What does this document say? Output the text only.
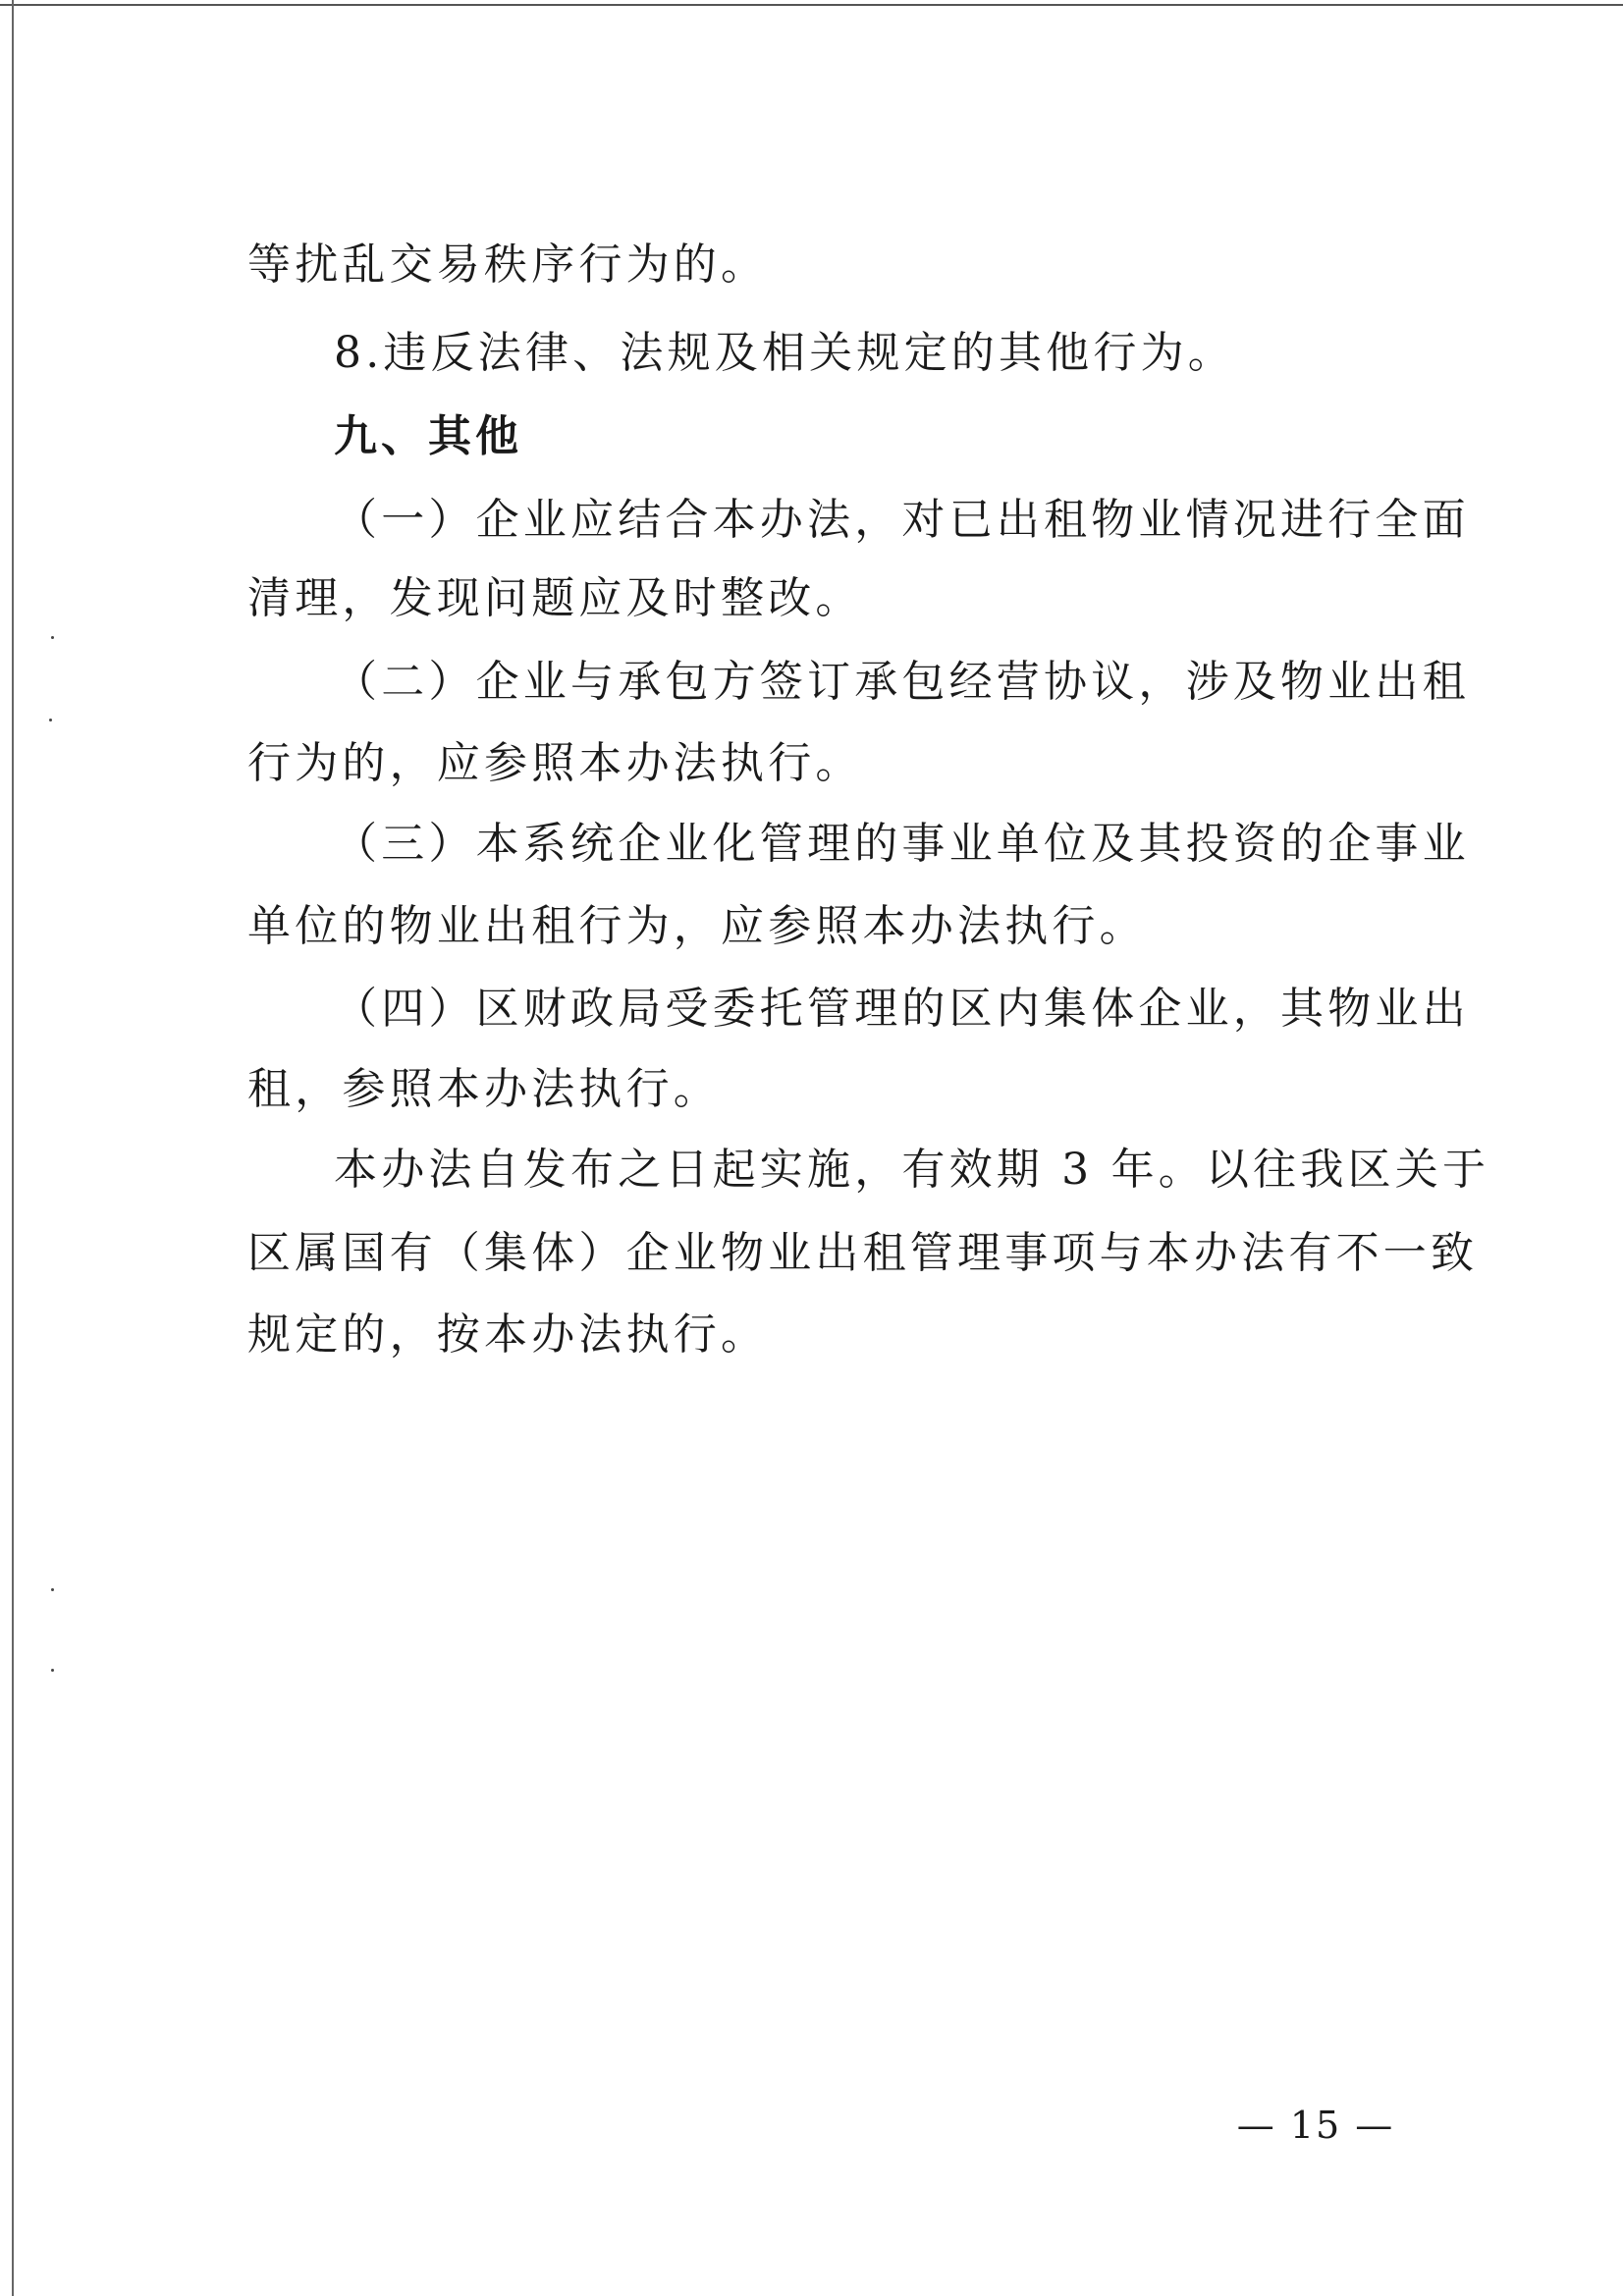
等扰乱交易秩序行为的。
8.违反法律、法规及相关规定的其他行为。
九、其他
（一）企业应结合本办法，对已出租物业情况进行全面
清理，发现问题应及时整改。
（二）企业与承包方签订承包经营协议，涉及物业出租
行为的，应参照本办法执行。
（三）本系统企业化管理的事业单位及其投资的企事业
单位的物业出租行为，应参照本办法执行。
（四）区财政局受委托管理的区内集体企业，其物业出
租，参照本办法执行。
本办法自发布之日起实施，有效期 3 年。以往我区关于
区属国有（集体）企业物业出租管理事项与本办法有不一致
规定的，按本办法执行。
— 15 —
